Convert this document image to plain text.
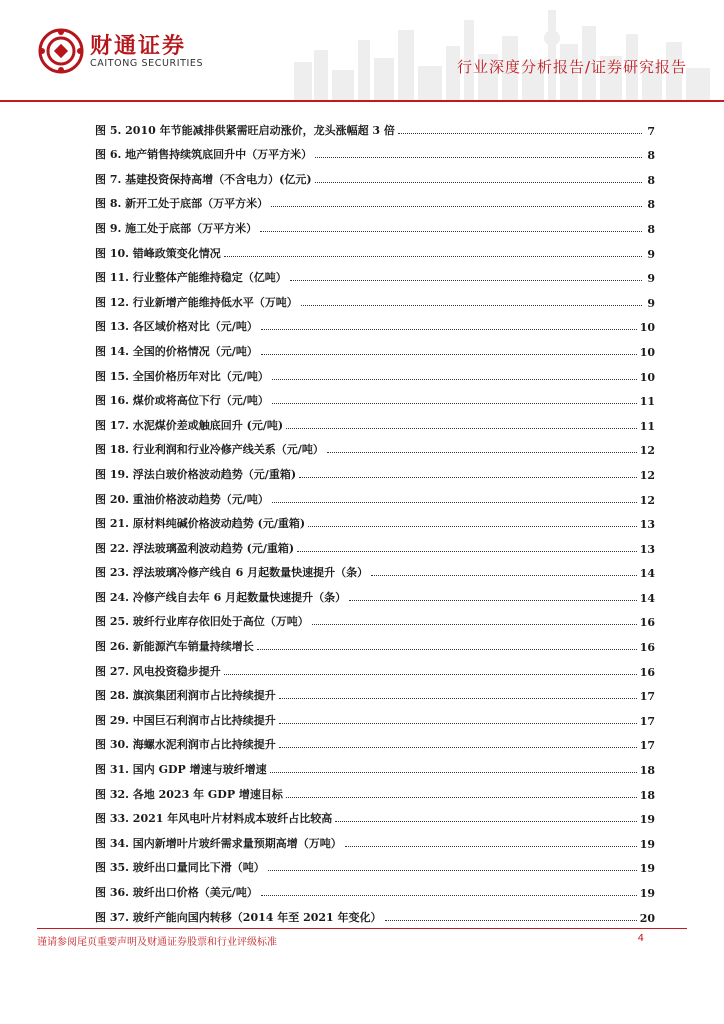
财通证券
CAITONG SECURITIES	行业深度分析报告/证券研究报告
图 5. 2010 年节能减排供紧需旺启动涨价，龙头涨幅超 3 倍	7
图 6. 地产销售持续筑底回升中（万平方米）	8
图 7. 基建投资保持高增（不含电力）(亿元)	8
图 8. 新开工处于底部（万平方米）	8
图 9. 施工处于底部（万平方米）	8
图 10. 错峰政策变化情况	9
图 11. 行业整体产能维持稳定（亿吨）	9
图 12. 行业新增产能维持低水平（万吨）	9
图 13. 各区域价格对比（元/吨）	10
图 14. 全国的价格情况（元/吨）	10
图 15. 全国价格历年对比（元/吨）	10
图 16. 煤价或将高位下行（元/吨）	11
图 17. 水泥煤价差或触底回升 (元/吨)	11
图 18. 行业利润和行业冷修产线关系（元/吨）	12
图 19. 浮法白玻价格波动趋势（元/重箱)	12
图 20. 重油价格波动趋势（元/吨）	12
图 21. 原材料纯碱价格波动趋势 (元/重箱)	13
图 22. 浮法玻璃盈利波动趋势 (元/重箱)	13
图 23. 浮法玻璃冷修产线自 6 月起数量快速提升（条）	14
图 24. 冷修产线自去年 6 月起数量快速提升（条）	14
图 25. 玻纤行业库存依旧处于高位（万吨）	16
图 26. 新能源汽车销量持续增长	16
图 27. 风电投资稳步提升	16
图 28. 旗滨集团利润市占比持续提升	17
图 29. 中国巨石利润市占比持续提升	17
图 30. 海螺水泥利润市占比持续提升	17
图 31. 国内 GDP 增速与玻纤增速	18
图 32. 各地 2023 年 GDP 增速目标	18
图 33. 2021 年风电叶片材料成本玻纤占比较高	19
图 34. 国内新增叶片玻纤需求量预期高增（万吨）	19
图 35. 玻纤出口量同比下滑（吨）	19
图 36. 玻纤出口价格（美元/吨）	19
图 37. 玻纤产能向国内转移（2014 年至 2021 年变化）	20
谨请参阅尾页重要声明及财通证券股票和行业评级标准	4
